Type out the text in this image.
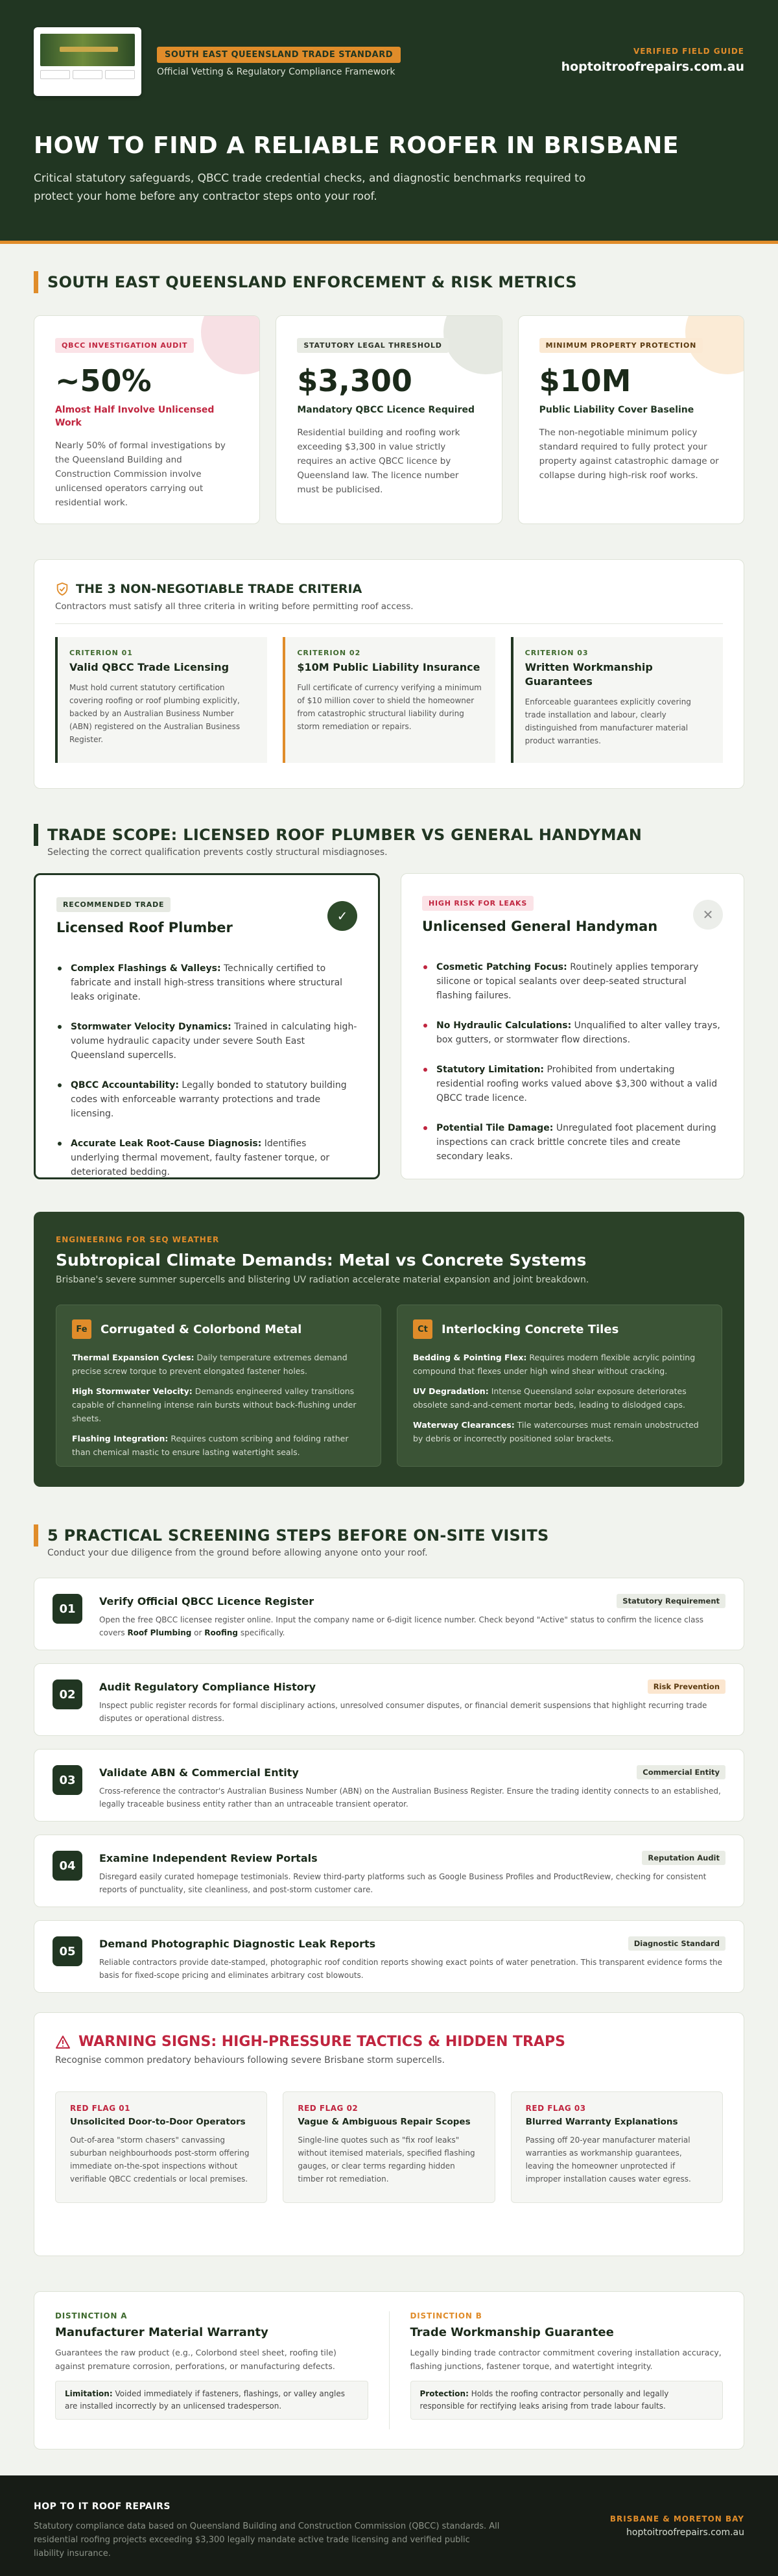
SOUTH EAST QUEENSLAND TRADE STANDARD
Official Vetting & Regulatory Compliance Framework
VERIFIED FIELD GUIDE
hoptoitroofrepairs.com.au
HOW TO FIND A RELIABLE ROOFER IN BRISBANE

Critical statutory safeguards, QBCC trade credential checks, and diagnostic benchmarks required to protect your home before any contractor steps onto your roof.

SOUTH EAST QUEENSLAND ENFORCEMENT & RISK METRICS
QBCC INVESTIGATION AUDIT
~50%
Almost Half Involve Unlicensed Work
Nearly 50% of formal investigations by the Queensland Building and Construction Commission involve unlicensed operators carrying out residential work.
STATUTORY LEGAL THRESHOLD
$3,300
Mandatory QBCC Licence Required
Residential building and roofing work exceeding $3,300 in value strictly requires an active QBCC licence by Queensland law. The licence number must be publicised.
MINIMUM PROPERTY PROTECTION
$10M
Public Liability Cover Baseline
The non-negotiable minimum policy standard required to fully protect your property against catastrophic damage or collapse during high-risk roof works.
THE 3 NON-NEGOTIABLE TRADE CRITERIA
Contractors must satisfy all three criteria in writing before permitting roof access.
CRITERION 01
Valid QBCC Trade Licensing
Must hold current statutory certification covering roofing or roof plumbing explicitly, backed by an Australian Business Number (ABN) registered on the Australian Business Register.
CRITERION 02
$10M Public Liability Insurance
Full certificate of currency verifying a minimum of $10 million cover to shield the homeowner from catastrophic structural liability during storm remediation or repairs.
CRITERION 03
Written Workmanship Guarantees
Enforceable guarantees explicitly covering trade installation and labour, clearly distinguished from manufacturer material product warranties.
TRADE SCOPE: LICENSED ROOF PLUMBER VS GENERAL HANDYMAN
Selecting the correct qualification prevents costly structural misdiagnoses.
RECOMMENDED TRADE
Licensed Roof Plumber
✓
Complex Flashings & Valleys: Technically certified to fabricate and install high-stress transitions where structural leaks originate.
Stormwater Velocity Dynamics: Trained in calculating high-volume hydraulic capacity under severe South East Queensland supercells.
QBCC Accountability: Legally bonded to statutory building codes with enforceable warranty protections and trade licensing.
Accurate Leak Root-Cause Diagnosis: Identifies underlying thermal movement, faulty fastener torque, or deteriorated bedding.
HIGH RISK FOR LEAKS
Unlicensed General Handyman
✕
Cosmetic Patching Focus: Routinely applies temporary silicone or topical sealants over deep-seated structural flashing failures.
No Hydraulic Calculations: Unqualified to alter valley trays, box gutters, or stormwater flow directions.
Statutory Limitation: Prohibited from undertaking residential roofing works valued above $3,300 without a valid QBCC trade licence.
Potential Tile Damage: Unregulated foot placement during inspections can crack brittle concrete tiles and create secondary leaks.
ENGINEERING FOR SEQ WEATHER
Subtropical Climate Demands: Metal vs Concrete Systems
Brisbane's severe summer supercells and blistering UV radiation accelerate material expansion and joint breakdown.
Fe	Corrugated & Colorbond Metal

Thermal Expansion Cycles: Daily temperature extremes demand precise screw torque to prevent elongated fastener holes.

High Stormwater Velocity: Demands engineered valley transitions capable of channeling intense rain bursts without back-flushing under sheets.

Flashing Integration: Requires custom scribing and folding rather than chemical mastic to ensure lasting watertight seals.

Ct	Interlocking Concrete Tiles

Bedding & Pointing Flex: Requires modern flexible acrylic pointing compound that flexes under high wind shear without cracking.

UV Degradation: Intense Queensland solar exposure deteriorates obsolete sand-and-cement mortar beds, leading to dislodged caps.

Waterway Clearances: Tile watercourses must remain unobstructed by debris or incorrectly positioned solar brackets.

5 PRACTICAL SCREENING STEPS BEFORE ON-SITE VISITS
Conduct your due diligence from the ground before allowing anyone onto your roof.
01
Verify Official QBCC Licence Register	Statutory Requirement
Open the free QBCC licensee register online. Input the company name or 6-digit licence number. Check beyond "Active" status to confirm the licence class covers Roof Plumbing or Roofing specifically.
02
Audit Regulatory Compliance History	Risk Prevention
Inspect public register records for formal disciplinary actions, unresolved consumer disputes, or financial demerit suspensions that highlight recurring trade disputes or operational distress.
03
Validate ABN & Commercial Entity	Commercial Entity
Cross-reference the contractor's Australian Business Number (ABN) on the Australian Business Register. Ensure the trading identity connects to an established, legally traceable business entity rather than an untraceable transient operator.
04
Examine Independent Review Portals	Reputation Audit
Disregard easily curated homepage testimonials. Review third-party platforms such as Google Business Profiles and ProductReview, checking for consistent reports of punctuality, site cleanliness, and post-storm customer care.
05
Demand Photographic Diagnostic Leak Reports	Diagnostic Standard
Reliable contractors provide date-stamped, photographic roof condition reports showing exact points of water penetration. This transparent evidence forms the basis for fixed-scope pricing and eliminates arbitrary cost blowouts.
WARNING SIGNS: HIGH-PRESSURE TACTICS & HIDDEN TRAPS
Recognise common predatory behaviours following severe Brisbane storm supercells.
RED FLAG 01
Unsolicited Door-to-Door Operators
Out-of-area "storm chasers" canvassing suburban neighbourhoods post-storm offering immediate on-the-spot inspections without verifiable QBCC credentials or local premises.
RED FLAG 02
Vague & Ambiguous Repair Scopes
Single-line quotes such as "fix roof leaks" without itemised materials, specified flashing gauges, or clear terms regarding hidden timber rot remediation.
RED FLAG 03
Blurred Warranty Explanations
Passing off 20-year manufacturer material warranties as workmanship guarantees, leaving the homeowner unprotected if improper installation causes water egress.
DISTINCTION A
Manufacturer Material Warranty
Guarantees the raw product (e.g., Colorbond steel sheet, roofing tile) against premature corrosion, perforations, or manufacturing defects.
Limitation: Voided immediately if fasteners, flashings, or valley angles are installed incorrectly by an unlicensed tradesperson.
DISTINCTION B
Trade Workmanship Guarantee
Legally binding trade contractor commitment covering installation accuracy, flashing junctions, fastener torque, and watertight integrity.
Protection: Holds the roofing contractor personally and legally responsible for rectifying leaks arising from trade labour faults.
HOP TO IT ROOF REPAIRS
Statutory compliance data based on Queensland Building and Construction Commission (QBCC) standards. All residential roofing projects exceeding $3,300 legally mandate active trade licensing and verified public liability insurance.
BRISBANE & MORETON BAY
hoptoitroofrepairs.com.au
